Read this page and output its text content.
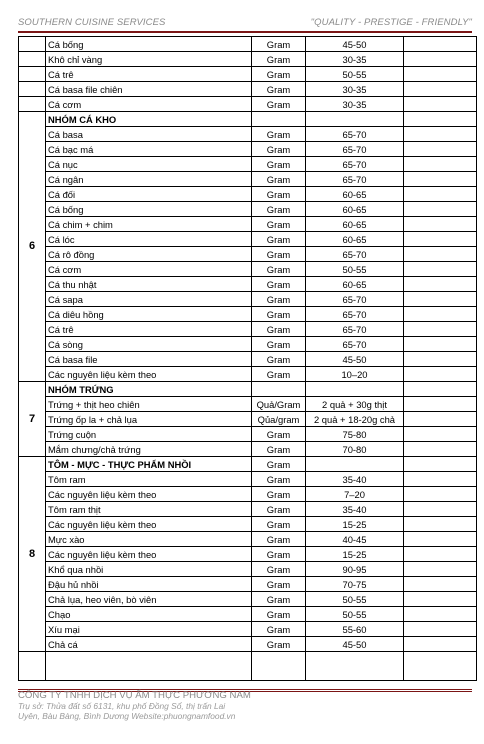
SOUTHERN CUISINE SERVICES	"QUALITY - PRESTIGE - FRIENDLY"
	Cá bống	Gram	45-50	
	Khô chỉ vàng	Gram	30-35	
	Cá trê	Gram	50-55	
	Cá basa file chiên	Gram	30-35	
	Cá cơm	Gram	30-35	
6	NHÓM CÁ KHO			
	Cá basa	Gram	65-70	
	Cá bạc má	Gram	65-70	
	Cá nục	Gram	65-70	
	Cá ngân	Gram	65-70	
	Cá đối	Gram	60-65	
	Cá bống	Gram	60-65	
	Cá chim + chim	Gram	60-65	
	Cá lóc	Gram	60-65	
	Cá rô đồng	Gram	65-70	
	Cá cơm	Gram	50-55	
	Cá thu nhật	Gram	60-65	
	Cá sapa	Gram	65-70	
	Cá diêu hồng	Gram	65-70	
	Cá trê	Gram	65-70	
	Cá sòng	Gram	65-70	
	Cá basa file	Gram	45-50	
	Các nguyên liệu kèm theo	Gram	10–20	
7	NHÓM TRỨNG			
	Trứng + thịt heo chiên	Quả/Gram	2 quả + 30g thịt	
	Trứng ốp la + chả lụa	Qủa/gram	2 quả + 18-20g chả	
	Trứng cuộn	Gram	75-80	
	Mắm chưng/chả trứng	Gram	70-80	
8	TÔM - MỰC - THỰC PHẨM NHỒI	Gram		
	Tôm ram	Gram	35-40	
	Các nguyên liệu kèm theo	Gram	7–20	
	Tôm ram thịt	Gram	35-40	
	Các nguyên liệu kèm theo	Gram	15-25	
	Mực xào	Gram	40-45	
	Các nguyên liệu kèm theo	Gram	15-25	
	Khổ qua nhồi	Gram	90-95	
	Đậu hủ nhồi	Gram	70-75	
	Chả lụa, heo viên, bò viên	Gram	50-55	
	Chạo	Gram	50-55	
	Xíu mại	Gram	55-60	
	Chả cá	Gram	45-50	

CÔNG TY TNHH DỊCH VỤ ẨM THỰC PHƯƠNG NAM
Trụ sở: Thửa đất số 6131, khu phố Đồng Sổ, thị trấn Lai
Uyên, Bàu Bàng, Bình Dương Website:phuongnamfood.vn
